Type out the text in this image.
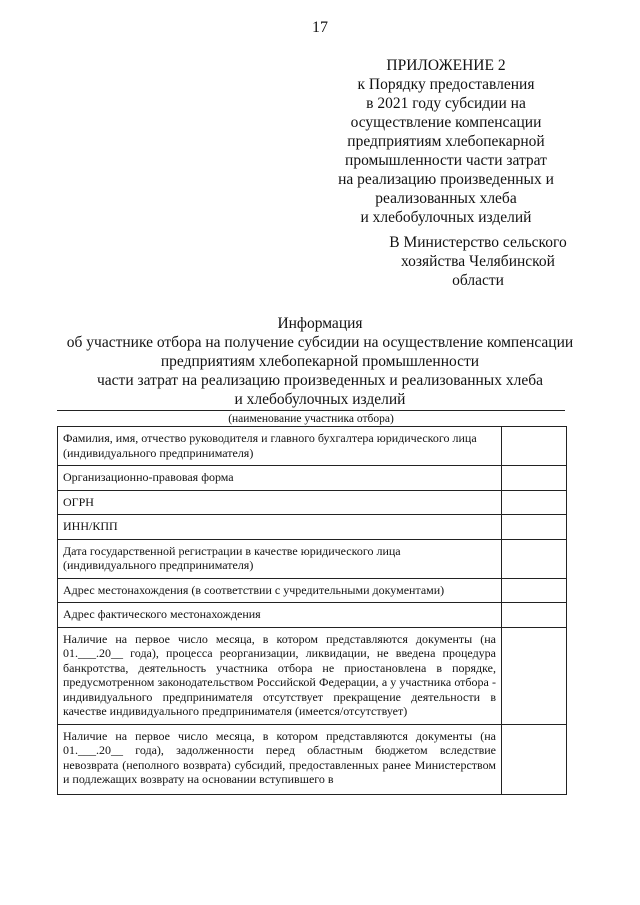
17
ПРИЛОЖЕНИЕ 2
к Порядку предоставления
в 2021 году субсидии на
осуществление компенсации
предприятиям хлебопекарной
промышленности части затрат
на реализацию произведенных и
реализованных хлеба
и хлебобулочных изделий
В Министерство сельского
хозяйства Челябинской
области
Информация
об участнике отбора на получение субсидии на осуществление компенсации
предприятиям хлебопекарной промышленности
части затрат на реализацию произведенных и реализованных хлеба
и хлебобулочных изделий
(наименование участника отбора)
Фамилия, имя, отчество руководителя и главного бухгалтера юридического лица (индивидуального предпринимателя)	
Организационно-правовая форма	
ОГРН	
ИНН/КПП	
Дата государственной регистрации в качестве юридического лица (индивидуального предпринимателя)	
Адрес местонахождения (в соответствии с учредительными документами)	
Адрес фактического местонахождения	
Наличие на первое число месяца, в котором представляются документы (на 01.___.20__ года), процесса реорганизации, ликвидации, не введена процедура банкротства, деятельность участника отбора не приостановлена в порядке, предусмотренном законодательством Российской Федерации, а у участника отбора - индивидуального предпринимателя отсутствует прекращение деятельности в качестве индивидуального предпринимателя (имеется/отсутствует)	

Наличие на первое число месяца, в котором представляются документы (на 01.___.20__ года), задолженности перед областным бюджетом вследствие невозврата (неполного возврата) субсидий, предоставленных ранее Министерством и подлежащих возврату на основании вступившего в	
